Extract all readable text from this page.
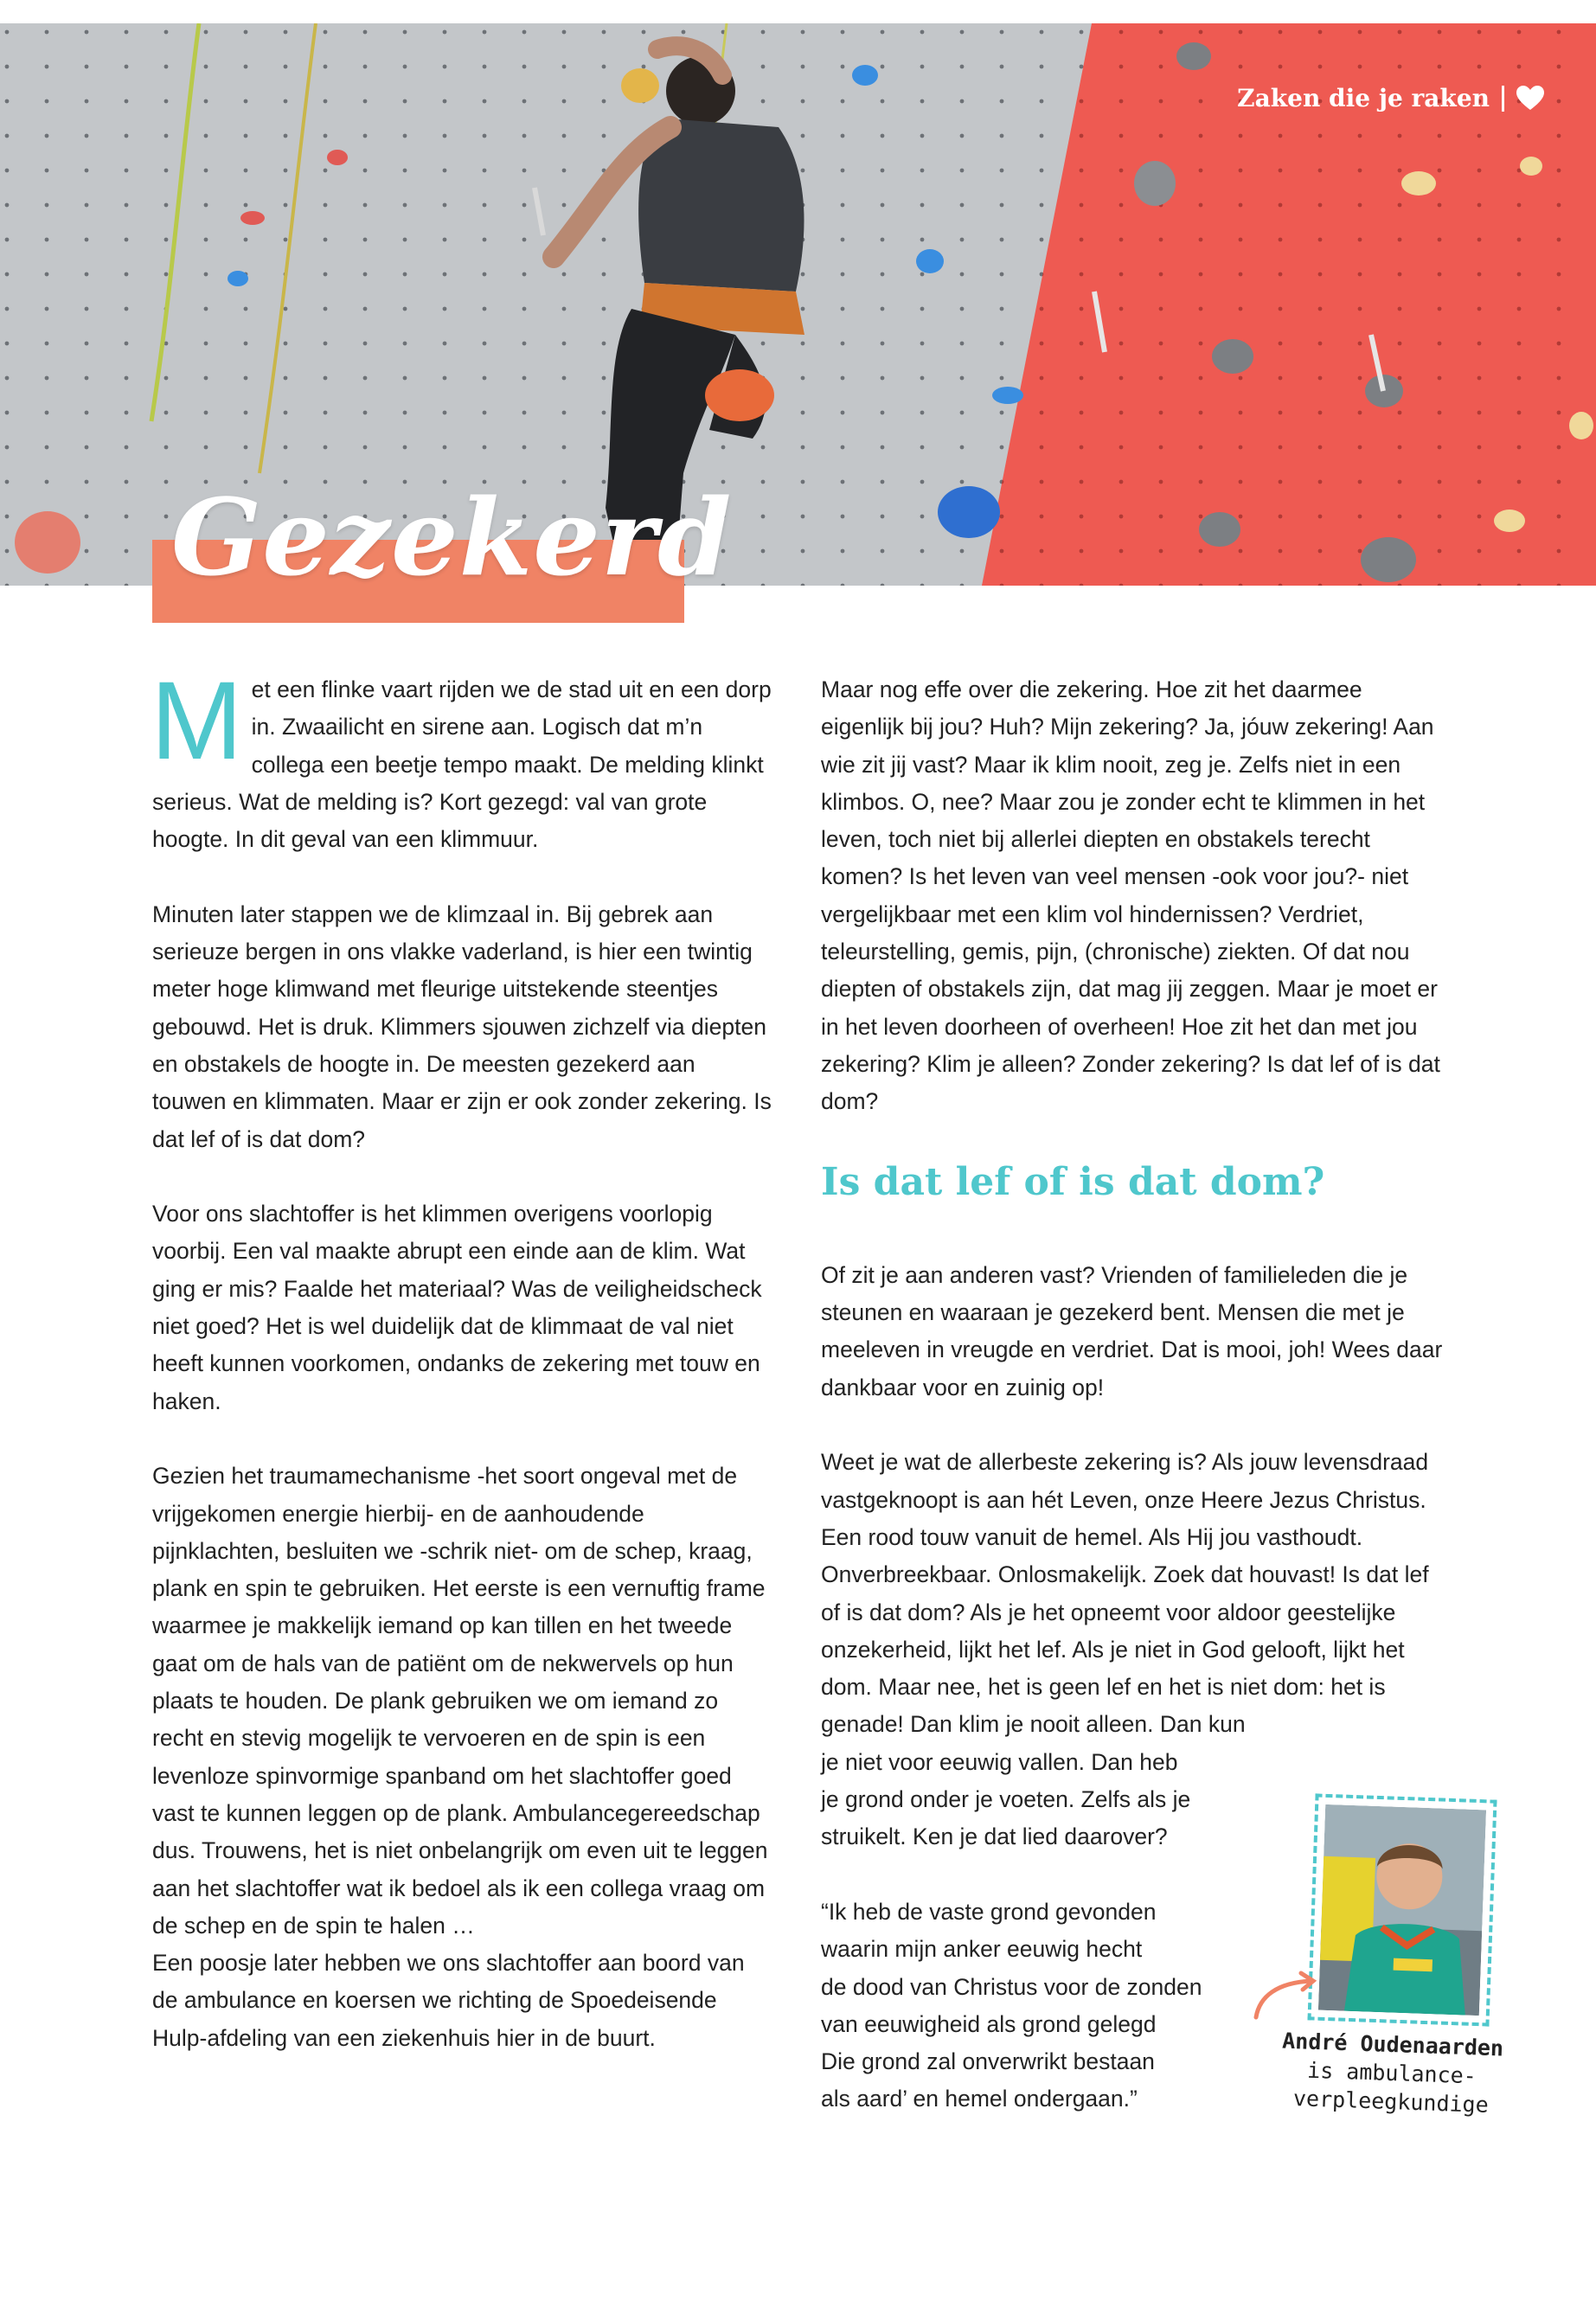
Zaken die je raken
Gezekerd

Met een flinke vaart rijden we de stad uit en een dorp in. Zwaailicht en sirene aan. Logisch dat m’n collega een beetje tempo maakt. De melding klinkt serieus. Wat de melding is? Kort gezegd: val van grote hoogte. In dit geval van een klimmuur.

Minuten later stappen we de klimzaal in. Bij gebrek aan serieuze bergen in ons vlakke vaderland, is hier een twintig meter hoge klimwand met fleurige uitstekende steentjes gebouwd. Het is druk. Klimmers sjouwen zichzelf via diepten en obstakels de hoogte in. De meesten gezekerd aan touwen en klimmaten. Maar er zijn er ook zonder zekering. Is dat lef of is dat dom?

Voor ons slachtoffer is het klimmen overigens voorlopig voorbij. Een val maakte abrupt een einde aan de klim. Wat ging er mis? Faalde het materiaal? Was de veiligheidscheck niet goed? Het is wel duidelijk dat de klimmaat de val niet heeft kunnen voorkomen, ondanks de zekering met touw en haken.

Gezien het traumamechanisme -het soort ongeval met de vrijgekomen energie hierbij- en de aanhoudende pijnklachten, besluiten we -schrik niet- om de schep, kraag, plank en spin te gebruiken. Het eerste is een vernuftig frame waarmee je makkelijk iemand op kan tillen en het tweede gaat om de hals van de patiënt om de nekwervels op hun plaats te houden. De plank gebruiken we om iemand zo recht en stevig mogelijk te vervoeren en de spin is een levenloze spinvormige spanband om het slachtoffer goed vast te kunnen leggen op de plank. Ambulancegereedschap dus. Trouwens, het is niet onbelangrijk om even uit te leggen aan het slachtoffer wat ik bedoel als ik een collega vraag om de schep en de spin te halen …

Een poosje later hebben we ons slachtoffer aan boord van de ambulance en koersen we richting de Spoedeisende Hulp-afdeling van een ziekenhuis hier in de buurt.

Maar nog effe over die zekering. Hoe zit het daarmee eigenlijk bij jou? Huh? Mijn zekering? Ja, jóuw zekering! Aan wie zit jij vast? Maar ik klim nooit, zeg je. Zelfs niet in een klimbos. O, nee? Maar zou je zonder echt te klimmen in het leven, toch niet bij allerlei diepten en obstakels terecht komen? Is het leven van veel mensen -ook voor jou?- niet vergelijkbaar met een klim vol hindernissen? Verdriet, teleurstelling, gemis, pijn, (chronische) ziekten. Of dat nou diepten of obstakels zijn, dat mag jij zeggen. Maar je moet er in het leven doorheen of overheen! Hoe zit het dan met jou zekering? Klim je alleen? Zonder zekering? Is dat lef of is dat dom?

Is dat lef of is dat dom?

Of zit je aan anderen vast? Vrienden of familieleden die je steunen en waaraan je gezekerd bent. Mensen die met je meeleven in vreugde en verdriet. Dat is mooi, joh! Wees daar dankbaar voor en zuinig op!

Weet je wat de allerbeste zekering is? Als jouw levensdraad vastgeknoopt is aan hét Leven, onze Heere Jezus Christus. Een rood touw vanuit de hemel. Als Hij jou vasthoudt. Onverbreekbaar. Onlosmakelijk. Zoek dat houvast! Is dat lef of is dat dom? Als je het opneemt voor aldoor geestelijke onzekerheid, lijkt het lef. Als je niet in God gelooft, lijkt het dom. Maar nee, het is geen lef en het is niet dom: het is genade! Dan klim je nooit alleen. Dan kun

je niet voor eeuwig vallen. Dan heb
je grond onder je voeten. Zelfs als je
struikelt. Ken je dat lied daarover?

“Ik heb de vaste grond gevonden
waarin mijn anker eeuwig hecht
de dood van Christus voor de zonden
van eeuwigheid als grond gelegd
Die grond zal onverwrikt bestaan
als aard’ en hemel ondergaan.”

André Oudenaarden
is ambulance-
verpleegkundige
